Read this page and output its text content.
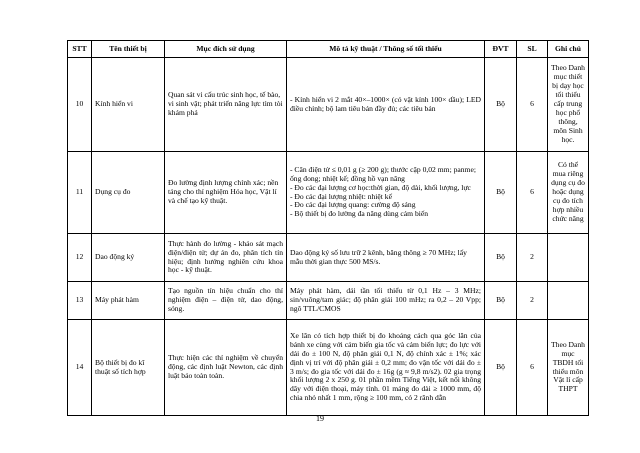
STT	Tên thiết bị	Mục đích sử dụng	Mô tả kỹ thuật / Thông số tối thiểu	ĐVT	SL	Ghi chú
10	Kính hiển vi	Quan sát vi cấu trúc sinh học, tế bào, vi sinh vật; phát triển năng lực tìm tòi khám phá	- Kính hiển vi 2 mắt 40×–1000× (có vật kính 100× dầu); LED điều chỉnh; bộ lam tiêu bản đầy đủ; các tiêu bản	Bộ	6	Theo Danh mục thiết bị dạy học tối thiểu cấp trung học phổ thông, môn Sinh học.
11	Dụng cụ đo	Đo lường định lượng chính xác; nền tảng cho thí nghiệm Hóa học, Vật lí và chế tạo kỹ thuật.	- Cân điện tử ≤ 0,01 g (≥ 200 g); thước cặp 0,02 mm; panme; ống đong; nhiệt kế; đồng hồ vạn năng
- Đo các đại lượng cơ học:thời gian, độ dài, khối lượng, lực
- Đo các đại lượng nhiệt: nhiệt kế
- Đo các đại lượng quang: cường độ sáng
- Bộ thiết bị đo lường đa năng dùng cảm biến	Bộ	6	Có thể mua riêng dụng cụ đo hoặc dụng cụ đo tích hợp nhiều chức năng
12	Dao động ký	Thực hành đo lường - khảo sát mạch điện/điện tử; dự án đo, phân tích tín hiệu; định hướng nghiên cứu khoa học - kỹ thuật.	Dao động ký số lưu trữ 2 kênh, băng thông ≥ 70 MHz; lấy mẫu thời gian thực 500 MS/s.	Bộ	2	
13	Máy phát hàm	Tạo nguồn tín hiệu chuẩn cho thí nghiệm điện – điện tử, dao động, sóng.	Máy phát hàm, dải tần tối thiểu từ 0,1 Hz – 3 MHz; sin/vuông/tam giác; độ phân giải 100 mHz; ra 0,2 – 20 Vpp; ngõ TTL/CMOS	Bộ	2	
14	Bộ thiết bị đo kĩ thuật số tích hợp	Thực hiện các thí nghiệm về chuyển động, các định luật Newton, các định luật bảo toàn toàn.	Xe lăn có tích hợp thiết bị đo khoảng cách qua góc lăn của bánh xe cùng với cảm biến gia tốc và cảm biến lực; đo lực với dải đo ± 100 N, độ phân giải 0,1 N, độ chính xác ± 1%; xác định vị trí với độ phân giải ± 0,2 mm; đo vận tốc với dải đo ± 3 m/s; đo gia tốc với dải đo ± 16g (g ≈ 9,8 m/s2). 02 gia trọng khối lượng 2 x 250 g. 01 phần mềm Tiếng Việt, kết nối không dây với điện thoại, máy tính. 01 máng đo dài ≥ 1000 mm, độ chia nhỏ nhất 1 mm, rộng ≥ 100 mm, có 2 rãnh dẫn	Bộ	6	Theo Danh mục TBDH tối thiểu môn Vật lí cấp THPT
19
